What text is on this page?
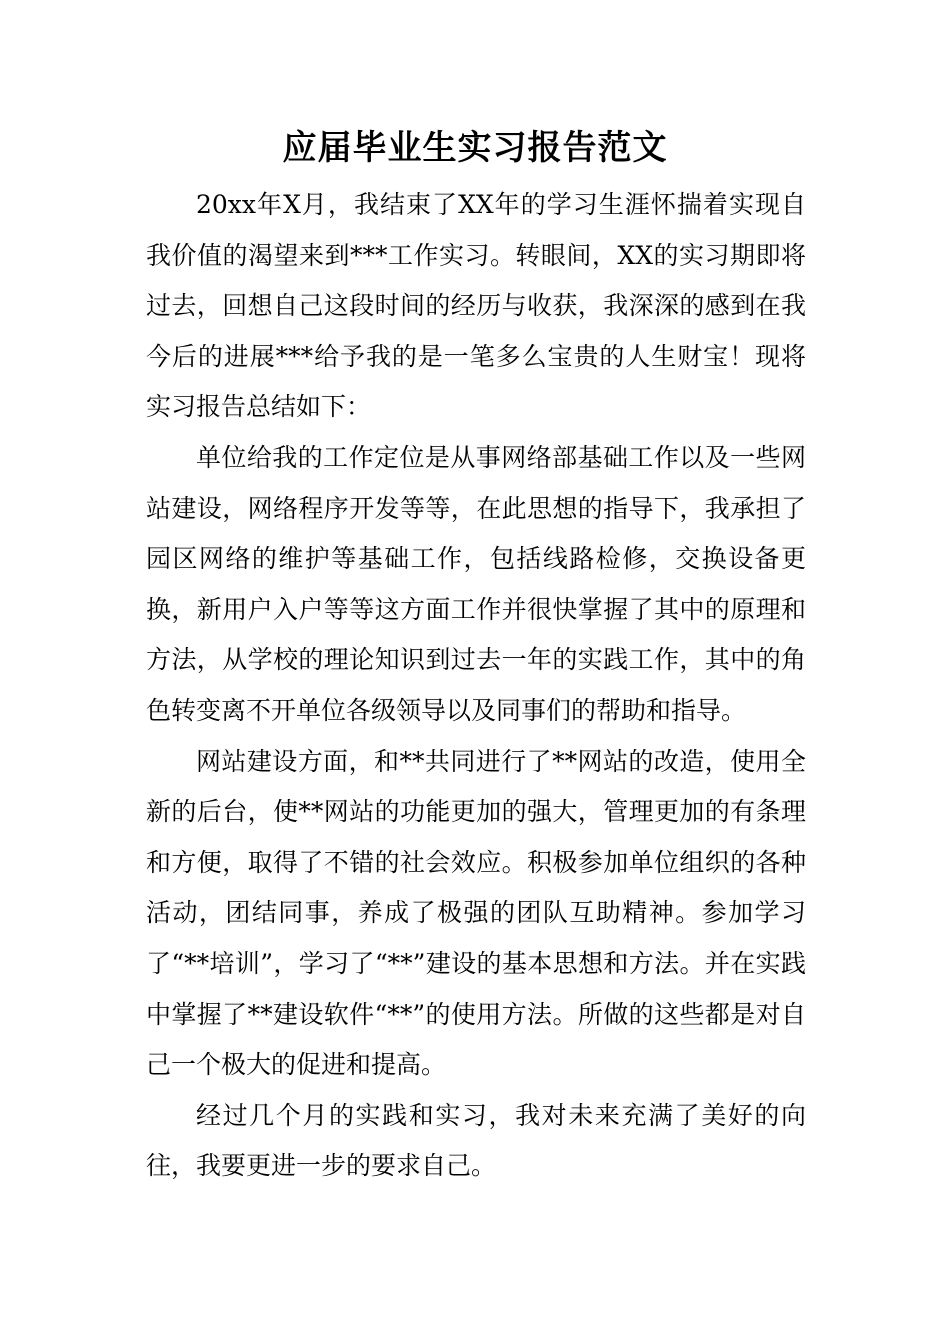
应届毕业生实习报告范文

20xx年X月，我结束了XX年的学习生涯怀揣着实现自我价值的渴望来到***工作实习。转眼间，XX的实习期即将过去，回想自己这段时间的经历与收获，我深深的感到在我今后的进展***给予我的是一笔多么宝贵的人生财宝！现将实习报告总结如下：

单位给我的工作定位是从事网络部基础工作以及一些网站建设，网络程序开发等等，在此思想的指导下，我承担了园区网络的维护等基础工作，包括线路检修，交换设备更换，新用户入户等等这方面工作并很快掌握了其中的原理和方法，从学校的理论知识到过去一年的实践工作，其中的角色转变离不开单位各级领导以及同事们的帮助和指导。

网站建设方面，和**共同进行了**网站的改造，使用全新的后台，使**网站的功能更加的强大，管理更加的有条理和方便，取得了不错的社会效应。积极参加单位组织的各种活动，团结同事，养成了极强的团队互助精神。参加学习了“**培训”，学习了“**”建设的基本思想和方法。并在实践中掌握了**建设软件“**”的使用方法。所做的这些都是对自己一个极大的促进和提高。

经过几个月的实践和实习，我对未来充满了美好的向往，我要更进一步的要求自己。
